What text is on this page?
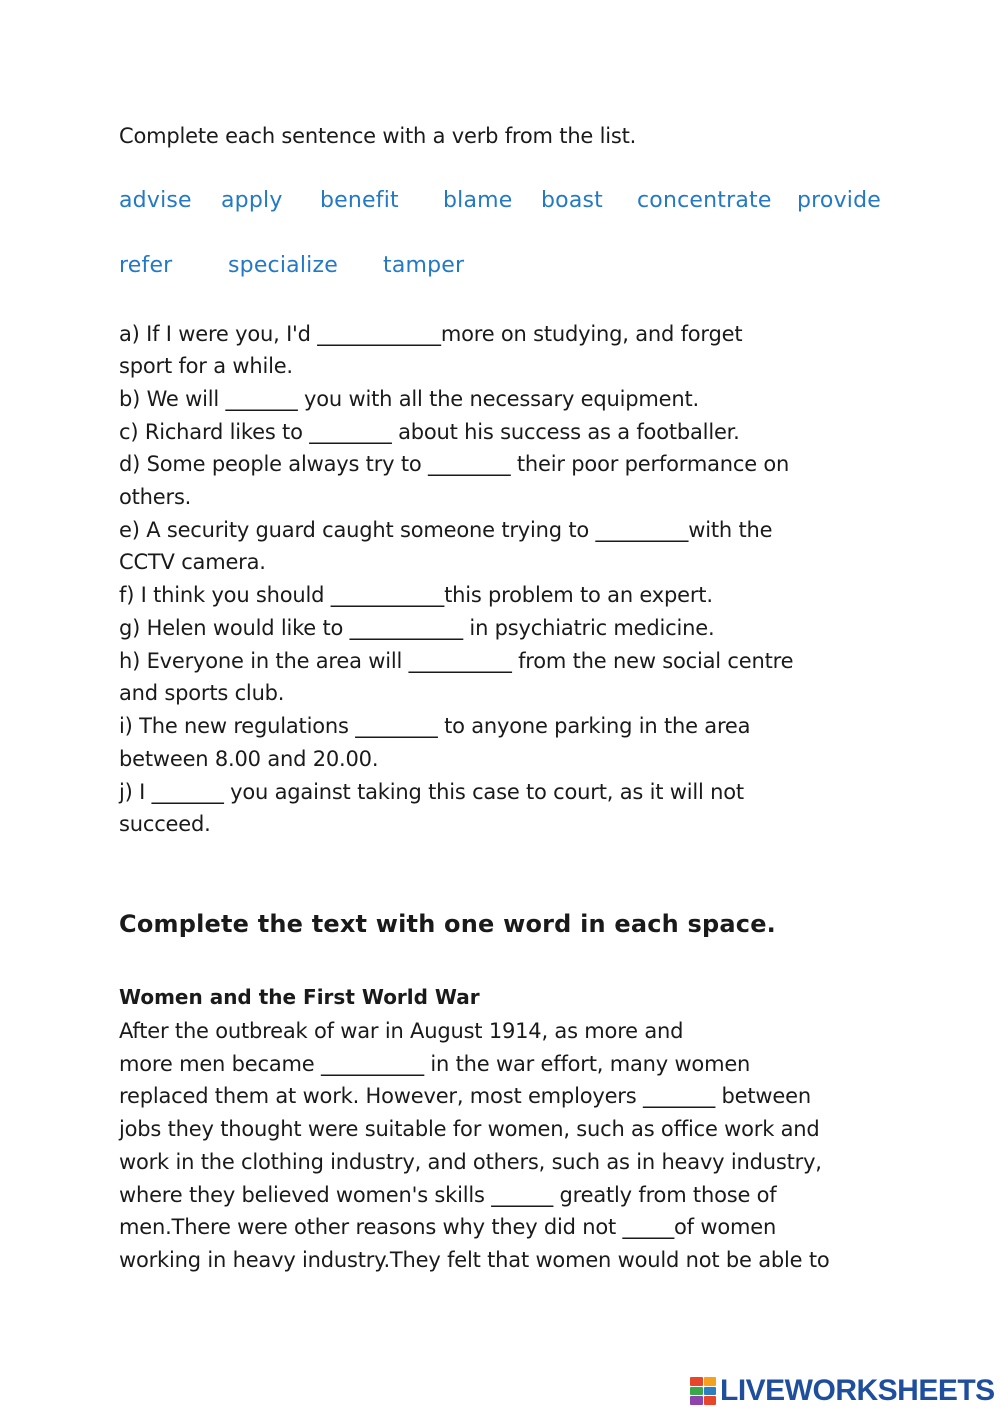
Complete each sentence with a verb from the list.
advise apply benefit blame boast concentrate provide
refer	specialize tamper
a) If I were you, I'd ____________more on studying, and forget
sport for a while.
b) We will _______ you with all the necessary equipment.
c) Richard likes to ________ about his success as a footballer.
d) Some people always try to ________ their poor performance on
others.
e) A security guard caught someone trying to _________with the
CCTV camera.
f) I think you should ___________this problem to an expert.
g) Helen would like to ___________ in psychiatric medicine.
h) Everyone in the area will __________ from the new social centre
and sports club.
i) The new regulations ________ to anyone parking in the area
between 8.00 and 20.00.
j) I _______ you against taking this case to court, as it will not
succeed.
Complete the text with one word in each space.
Women and the First World War
After the outbreak of war in August 1914, as more and
more men became __________ in the war effort, many women
replaced them at work. However, most employers _______ between
jobs they thought were suitable for women, such as office work and
work in the clothing industry, and others, such as in heavy industry,
where they believed women's skills ______ greatly from those of
men.There were other reasons why they did not _____of women
working in heavy industry.They felt that women would not be able to
LIVEWORKSHEETS
